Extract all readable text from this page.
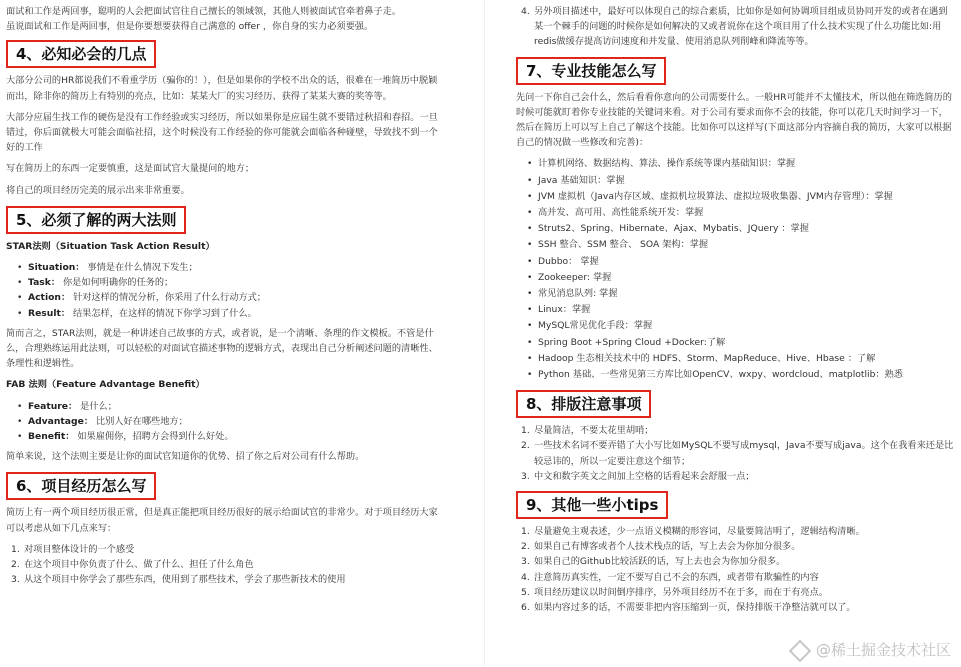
面试和工作是两回事，聪明的人会把面试官往自己擅长的领域领，其他人则被面试官牵着鼻子走。
虽说面试和工作是两回事，但是你要想要获得自己满意的 offer ，你自身的实力必须要强。

4、必知必会的几点

大部分公司的HR都说我们不看重学历（骗你的！），但是如果你的学校不出众的话，很难在一堆简历中脱颖而出，除非你的简历上有特别的亮点，比如：某某大厂的实习经历、获得了某某大赛的奖等等。

大部分应届生找工作的硬伤是没有工作经验或实习经历，所以如果你是应届生就不要错过秋招和春招。一旦错过，你后面就极大可能会面临社招，这个时候没有工作经验的你可能就会面临各种碰壁，导致找不到一个好的工作

写在简历上的东西一定要慎重，这是面试官大量提问的地方；

将自己的项目经历完美的展示出来非常重要。

5、必须了解的两大法则

STAR法则（Situation Task Action Result）

• Situation： 事情是在什么情况下发生；
• Task： 你是如何明确你的任务的；
• Action： 针对这样的情况分析，你采用了什么行动方式；
• Result： 结果怎样，在这样的情况下你学习到了什么。

简而言之，STAR法则，就是一种讲述自己故事的方式，或者说，是一个清晰、条理的作文模板。不管是什么，合理熟练运用此法则，可以轻松的对面试官描述事物的逻辑方式，表现出自己分析阐述问题的清晰性、条理性和逻辑性。

FAB 法则（Feature Advantage Benefit）

• Feature： 是什么；
• Advantage： 比别人好在哪些地方；
• Benefit： 如果雇佣你，招聘方会得到什么好处。

简单来说，这个法则主要是让你的面试官知道你的优势、招了你之后对公司有什么帮助。

6、项目经历怎么写

简历上有一两个项目经历很正常，但是真正能把项目经历很好的展示给面试官的非常少。对于项目经历大家可以考虑从如下几点来写：

1. 对项目整体设计的一个感受
2. 在这个项目中你负责了什么、做了什么、担任了什么角色
3. 从这个项目中你学会了那些东西，使用到了那些技术，学会了那些新技术的使用
4. 另外项目描述中，最好可以体现自己的综合素质，比如你是如何协调项目组成员协同开发的或者在遇到某一个棘手的问题的时候你是如何解决的又或者说你在这个项目用了什么技术实现了什么功能比如:用redis做缓存提高访问速度和并发量、使用消息队列削峰和降流等等。
7、专业技能怎么写

先问一下你自己会什么，然后看看你意向的公司需要什么。一般HR可能并不太懂技术，所以他在筛选简历的时候可能就盯着你专业技能的关键词来看。对于公司有要求而你不会的技能，你可以花几天时间学习一下，然后在简历上可以写上自己了解这个技能。比如你可以这样写(下面这部分内容摘自我的简历，大家可以根据自己的情况做一些修改和完善)：

• 计算机网络、数据结构、算法、操作系统等课内基础知识：掌握
• Java 基础知识：掌握
• JVM 虚拟机（Java内存区域、虚拟机垃圾算法、虚拟垃圾收集器、JVM内存管理）：掌握
• 高并发、高可用、高性能系统开发：掌握
• Struts2、Spring、Hibernate、Ajax、Mybatis、JQuery ：掌握
• SSH 整合、SSM 整合、 SOA 架构：掌握
• Dubbo： 掌握
• Zookeeper: 掌握
• 常见消息队列: 掌握
• Linux：掌握
• MySQL常见优化手段：掌握
• Spring Boot +Spring Cloud +Docker:了解
• Hadoop 生态相关技术中的 HDFS、Storm、MapReduce、Hive、Hbase ：了解
• Python 基础、一些常见第三方库比如OpenCV、wxpy、wordcloud、matplotlib：熟悉
8、排版注意事项
1. 尽量简洁，不要太花里胡哨；
2. 一些技术名词不要弄错了大小写比如MySQL不要写成mysql，Java不要写成java。这个在我看来还是比较忌讳的，所以一定要注意这个细节；
3. 中文和数字英文之间加上空格的话看起来会舒服一点；
9、其他一些小tips
1. 尽量避免主观表述，少一点语义模糊的形容词，尽量要简洁明了，逻辑结构清晰。
2. 如果自己有博客或者个人技术栈点的话，写上去会为你加分很多。
3. 如果自己的Github比较活跃的话，写上去也会为你加分很多。
4. 注意简历真实性，一定不要写自己不会的东西，或者带有欺骗性的内容
5. 项目经历建议以时间倒序排序，另外项目经历不在于多，而在于有亮点。
6. 如果内容过多的话，不需要非把内容压缩到一页，保持排版干净整洁就可以了。
@稀土掘金技术社区
